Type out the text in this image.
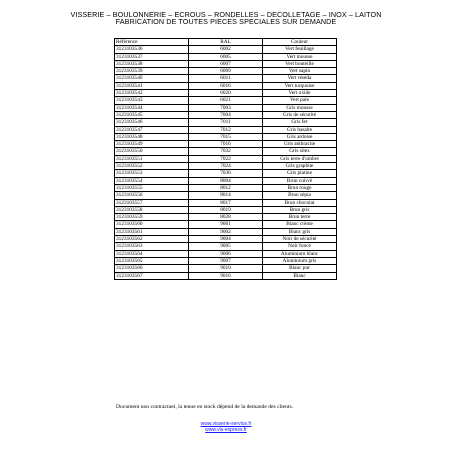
VISSERIE – BOULONNERIE – ECROUS – RONDELLES – DECOLLETAGE – INOX – LAITON
FABRICATION DE TOUTES PIECES SPECIALES SUR DEMANDE
Référence	RAL	Couleur
3123103536	6002	Vert feuillage
3123103537	6005	Vert mousse
3123103538	6007	Vert bouteille
3123103539	6009	Vert sapin
3123103540	6011	Vert réséda
3123103541	6016	Vert turquoise
3123103542	6020	Vert oxide
3123103543	6021	Vert pale
3123103544	7003	Gris mousse
3123103545	7004	Gris de sécurité
3123103546	7011	Gris fer
3123103547	7012	Gris basalte
3123103548	7015	Gris ardoise
3123103549	7016	Gris anthracite
3123103550	7032	Gris silex
3123103551	7022	Gris terre d'ombre
3123103552	7024	Gris graphite
3123103553	7036	Gris platine
3123103554	8004	Brun cuivré
3123103555	8012	Brun rouge
3123103556	8014	Brun sépia
3123103557	8017	Brun chocolat
3123103558	8019	Brun gris
3123103559	8028	Brun terre
3123103560	9001	Blanc crème
3123103561	9002	Blanc gris
3123103562	9004	Noir de sécurité
3123103563	9005	Noir foncé
3123103564	9006	Aluminium blanc
3123103565	9007	Aluminium gris
3123103566	9010	Blanc pur
3123103567	9016	Blanc
Document non contractuel, la tenue en stock dépend de la demande des clients.
www.visserie-service.fr
www.vis-express.fr
